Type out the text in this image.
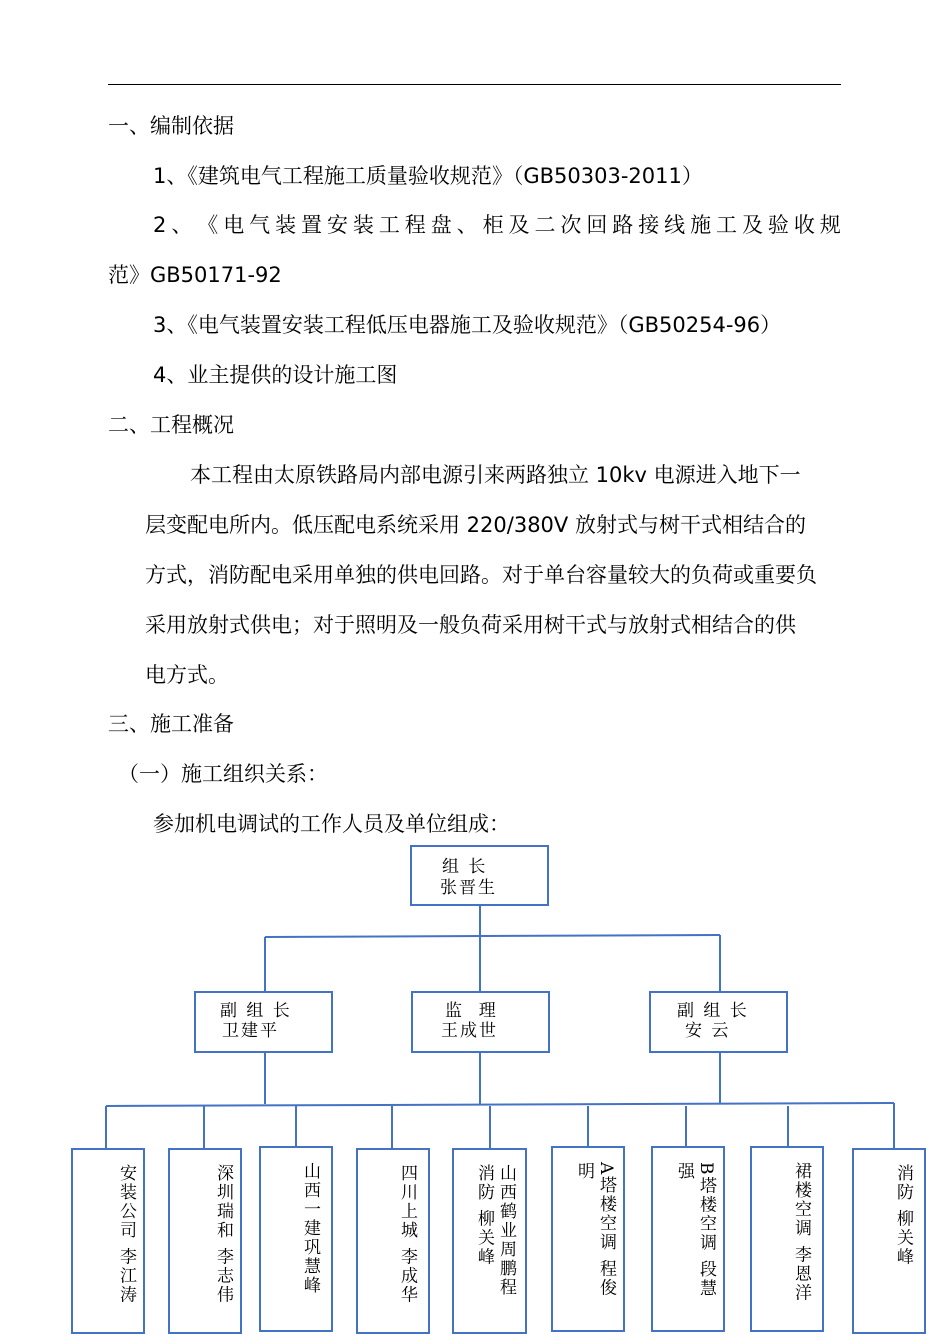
一、编制依据
1、《建筑电气工程施工质量验收规范》（GB50303-2011）
2 、 《 电 气 装 置 安 装 工 程 盘 、 柜 及 二 次 回 路 接 线 施 工 及 验 收 规
范》GB50171-92
3、《电气装置安装工程低压电器施工及验收规范》（GB50254-96）
4、业主提供的设计施工图
二、工程概况
本工程由太原铁路局内部电源引来两路独立 10kv 电源进入地下一
层变配电所内。低压配电系统采用 220/380V 放射式与树干式相结合的
方式，消防配电采用单独的供电回路。对于单台容量较大的负荷或重要负
采用放射式供电；对于照明及一般负荷采用树干式与放射式相结合的供
电方式。
三、施工准备
（一）施工组织关系：
参加机电调试的工作人员及单位组成：
组 长
张晋生
副 组 长
卫建平
监  理
王成世
副 组 长
安 云
安装公司 李江涛	深圳瑞和 李志伟	山西一建巩慧峰	四川上城 李成华	山西鹤业周鹏程
消防 柳关峰	A塔楼空调 程俊
明	B塔楼空调 段慧
强	裙楼空调 李恩洋	消防 柳关峰
